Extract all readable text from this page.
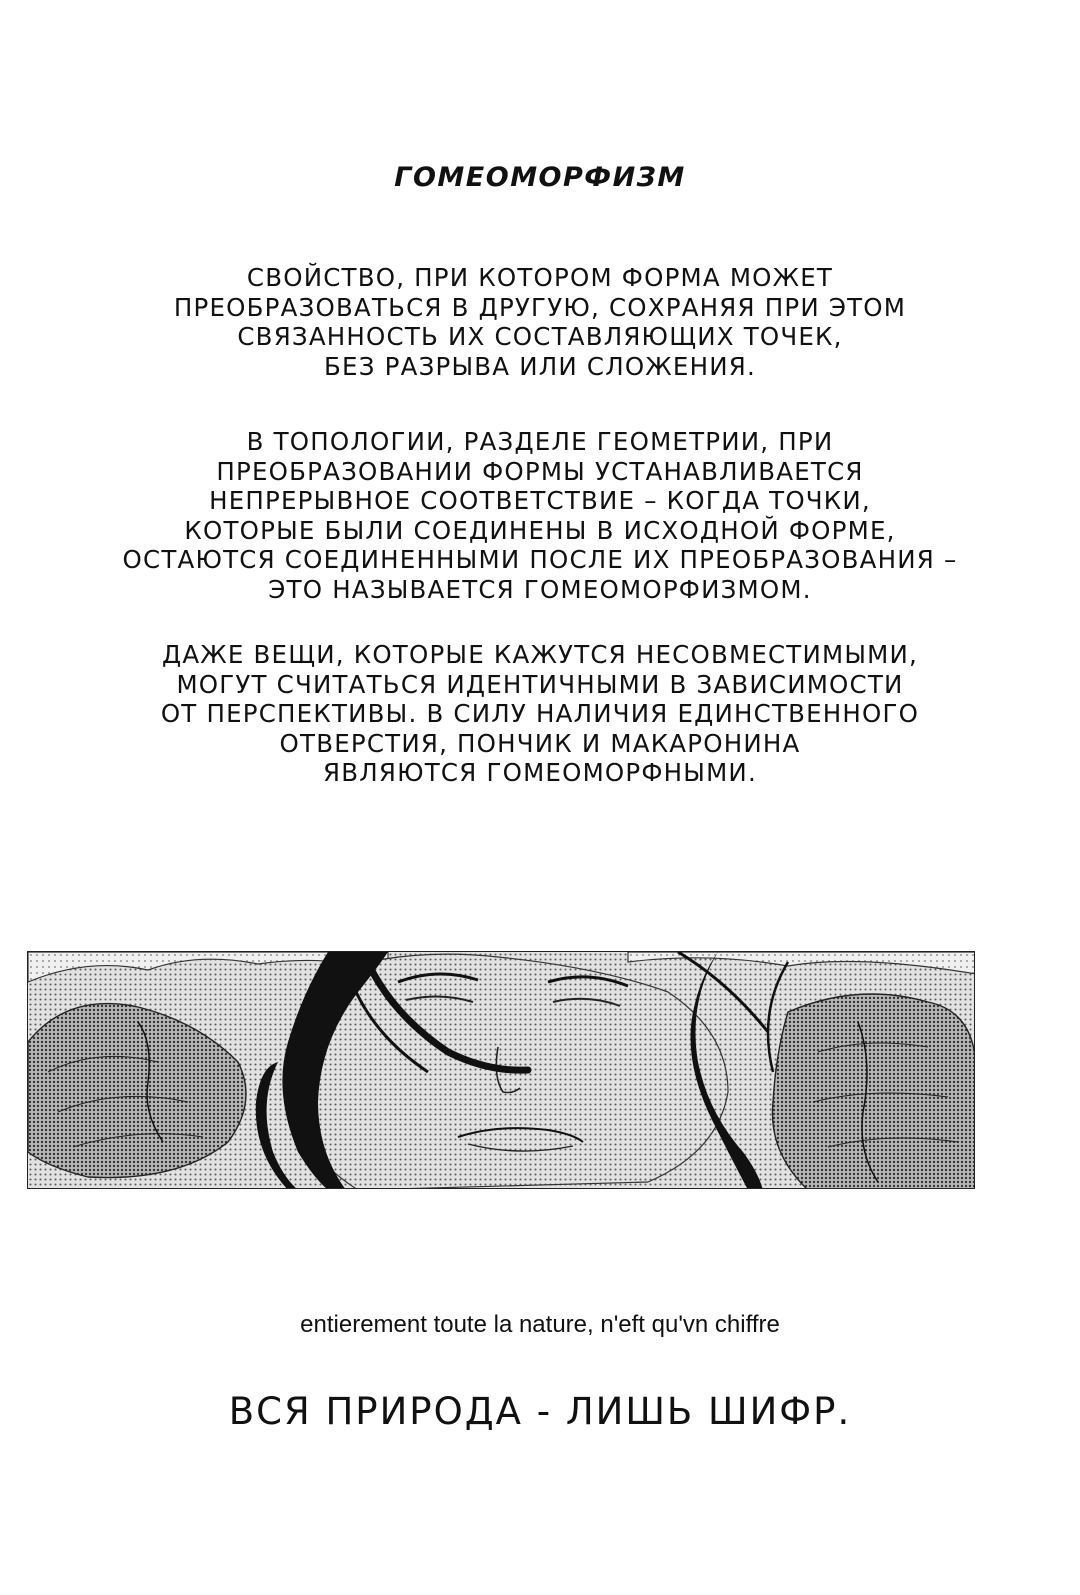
ГОМЕОМОРФИЗМ
СВОЙСТВО, ПРИ КОТОРОМ ФОРМА МОЖЕТ
ПРЕОБРАЗОВАТЬСЯ В ДРУГУЮ, СОХРАНЯЯ ПРИ ЭТОМ
СВЯЗАННОСТЬ ИХ СОСТАВЛЯЮЩИХ ТОЧЕК,
БЕЗ РАЗРЫВА ИЛИ СЛОЖЕНИЯ.
В ТОПОЛОГИИ, РАЗДЕЛЕ ГЕОМЕТРИИ, ПРИ
ПРЕОБРАЗОВАНИИ ФОРМЫ УСТАНАВЛИВАЕТСЯ
НЕПРЕРЫВНОЕ СООТВЕТСТВИЕ – КОГДА ТОЧКИ,
КОТОРЫЕ БЫЛИ СОЕДИНЕНЫ В ИСХОДНОЙ ФОРМЕ,
ОСТАЮТСЯ СОЕДИНЕННЫМИ ПОСЛЕ ИХ ПРЕОБРАЗОВАНИЯ –
ЭТО НАЗЫВАЕТСЯ ГОМЕОМОРФИЗМОМ.
ДАЖЕ ВЕЩИ, КОТОРЫЕ КАЖУТСЯ НЕСОВМЕСТИМЫМИ,
МОГУТ СЧИТАТЬСЯ ИДЕНТИЧНЫМИ В ЗАВИСИМОСТИ
ОТ ПЕРСПЕКТИВЫ. В СИЛУ НАЛИЧИЯ ЕДИНСТВЕННОГО
ОТВЕРСТИЯ, ПОНЧИК И МАКАРОНИНА
ЯВЛЯЮТСЯ ГОМЕОМОРФНЫМИ.
entierement toute la nature, n'eft qu'vn chiffre
ВСЯ ПРИРОДА - ЛИШЬ ШИФР.
